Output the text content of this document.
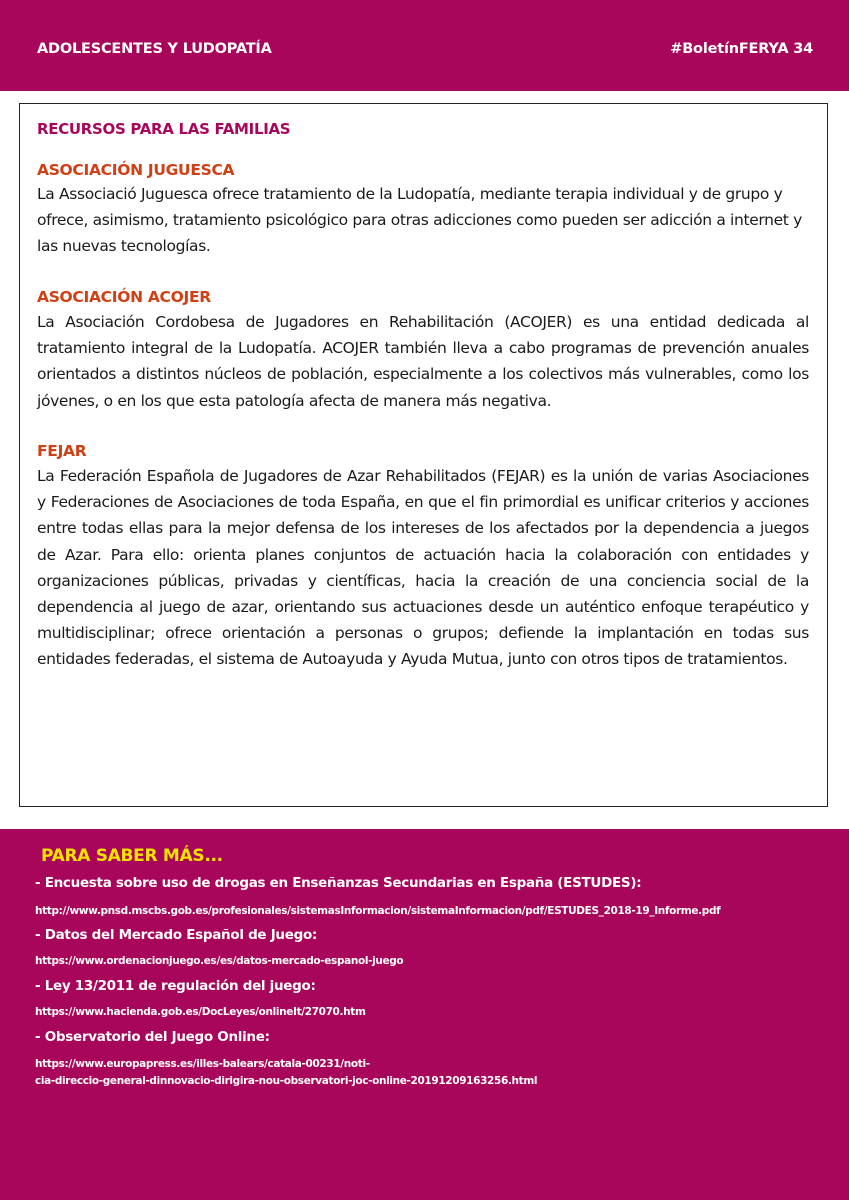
ADOLESCENTES Y LUDOPATÍA	#BoletínFERYA 34
RECURSOS PARA LAS FAMILIAS
ASOCIACIÓN JUGUESCA
La Associació Juguesca ofrece tratamiento de la Ludopatía, mediante terapia individual y de grupo y ofrece, asimismo, tratamiento psicológico para otras adicciones como pueden ser adicción a internet y las nuevas tecnologías.
ASOCIACIÓN ACOJER
La Asociación Cordobesa de Jugadores en Rehabilitación (ACOJER) es una entidad dedicada al tratamiento integral de la Ludopatía. ACOJER también lleva a cabo programas de prevención anuales orientados a distintos núcleos de población, especialmente a los colectivos más vulnerables, como los jóvenes, o en los que esta patología afecta de manera más negativa.
FEJAR
La Federación Española de Jugadores de Azar Rehabilitados (FEJAR) es la unión de varias Asociaciones y Federaciones de Asociaciones de toda España, en que el fin primordial es unificar criterios y acciones entre todas ellas para la mejor defensa de los intereses de los afectados por la dependencia a juegos de Azar. Para ello: orienta planes conjuntos de actuación hacia la colaboración con entidades y organizaciones públicas, privadas y científicas, hacia la creación de una conciencia social de la dependencia al juego de azar, orientando sus actuaciones desde un auténtico enfoque terapéutico y multidisciplinar; ofrece orientación a personas o grupos; defiende la implantación en todas sus entidades federadas, el sistema de Autoayuda y Ayuda Mutua, junto con otros tipos de tratamientos.
PARA SABER MÁS...
- Encuesta sobre uso de drogas en Enseñanzas Secundarias en España (ESTUDES):
http://www.pnsd.mscbs.gob.es/profesionales/sistemasInformacion/sistemaInformacion/pdf/ESTUDES_2018-19_Informe.pdf
- Datos del Mercado Español de Juego:
https://www.ordenacionjuego.es/es/datos-mercado-espanol-juego
- Ley 13/2011 de regulación del juego:
https://www.hacienda.gob.es/DocLeyes/onlineIt/27070.htm
- Observatorio del Juego Online:
https://www.europapress.es/illes-balears/catala-00231/noti-
cia-direccio-general-dinnovacio-dirigira-nou-observatori-joc-online-20191209163256.html
